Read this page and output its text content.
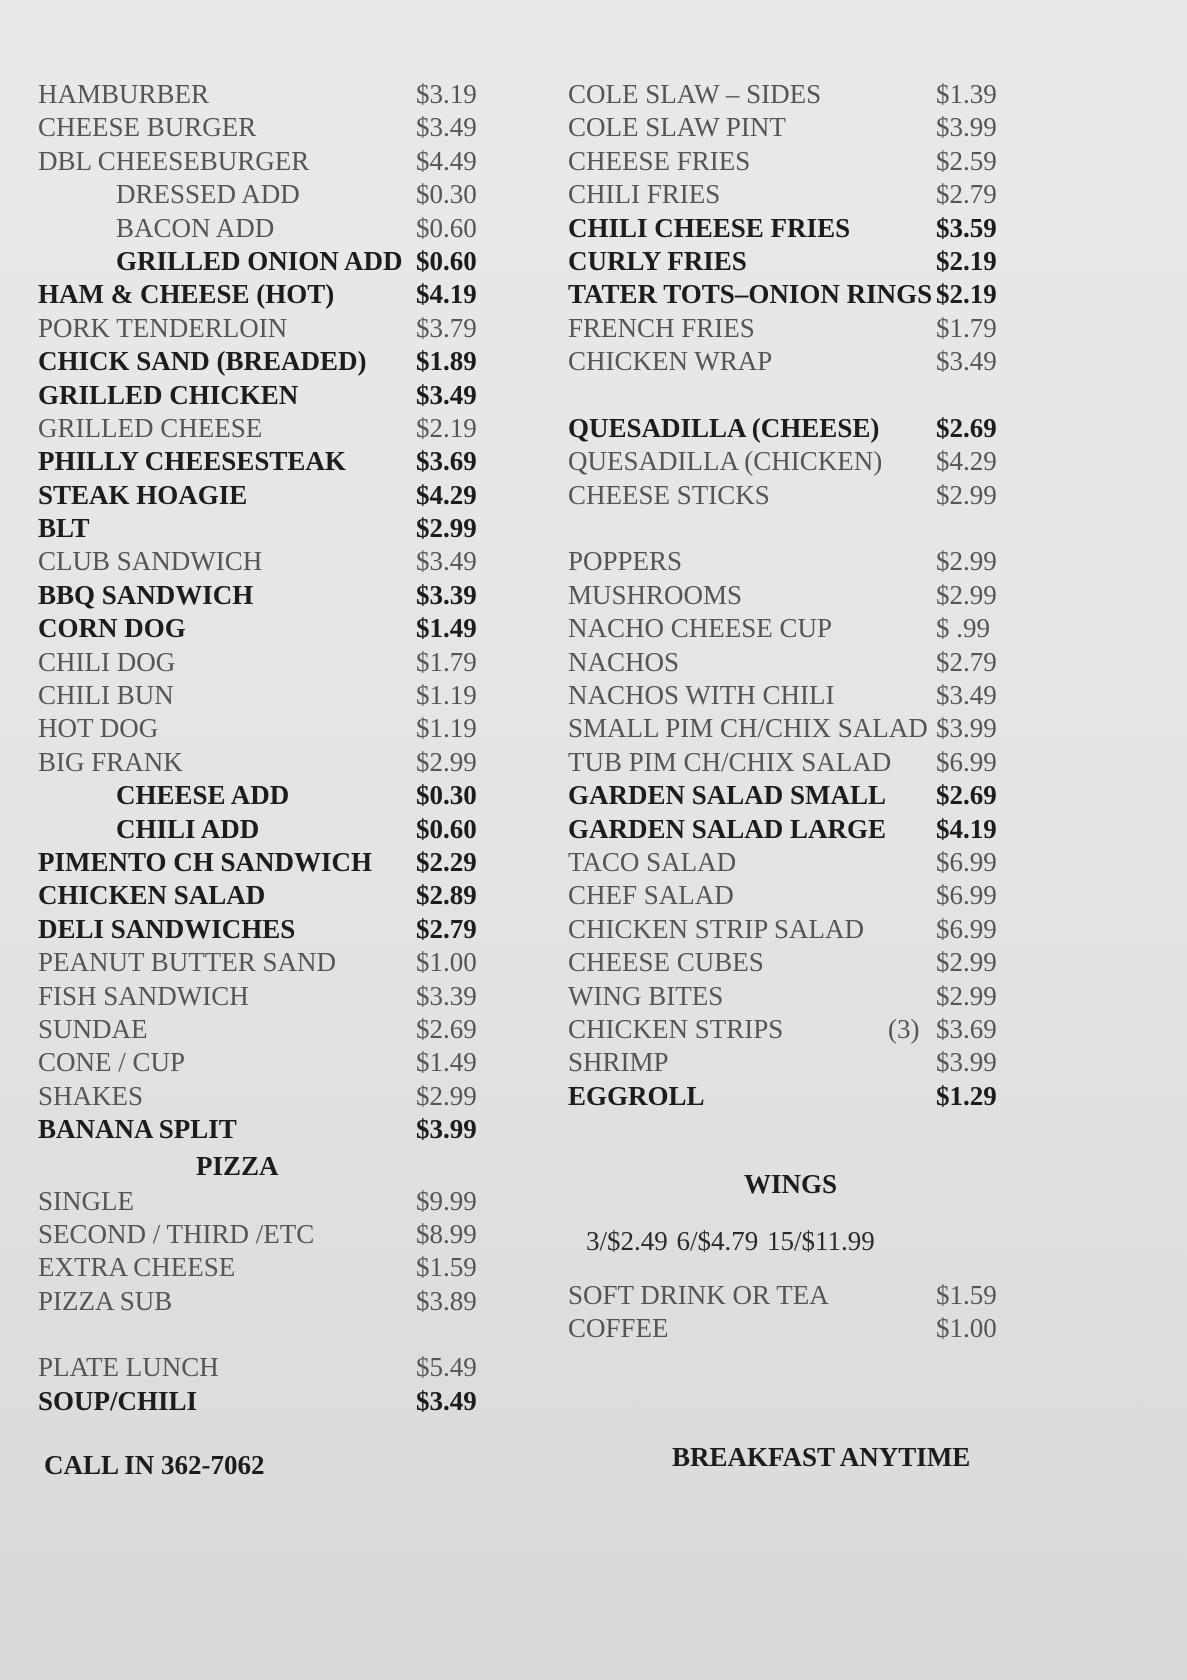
HAMBURBER	$3.19
CHEESE BURGER	$3.49
DBL CHEESEBURGER	$4.49
DRESSED ADD	$0.30
BACON ADD	$0.60
GRILLED ONION ADD $0.60
HAM & CHEESE (HOT)	$4.19
PORK TENDERLOIN	$3.79
CHICK SAND (BREADED) $1.89
GRILLED CHICKEN	$3.49
GRILLED CHEESE	$2.19
PHILLY CHEESESTEAK	$3.69
STEAK HOAGIE	$4.29
BLT	$2.99
CLUB SANDWICH	$3.49
BBQ SANDWICH	$3.39
CORN DOG	$1.49
CHILI DOG	$1.79
CHILI BUN	$1.19
HOT DOG	$1.19
BIG FRANK	$2.99
CHEESE ADD	$0.30
CHILI ADD	$0.60
PIMENTO CH SANDWICH $2.29
CHICKEN SALAD	$2.89
DELI SANDWICHES	$2.79
PEANUT BUTTER SAND	$1.00
FISH SANDWICH	$3.39
SUNDAE	$2.69
CONE / CUP	$1.49
SHAKES	$2.99
BANANA SPLIT	$3.99
PIZZA
SINGLE	$9.99
SECOND / THIRD /ETC	$8.99
EXTRA CHEESE	$1.59
PIZZA SUB	$3.89
PLATE LUNCH	$5.49
SOUP/CHILI	$3.49
COLE SLAW – SIDES	$1.39
COLE SLAW PINT	$3.99
CHEESE FRIES	$2.59
CHILI FRIES	$2.79
CHILI CHEESE FRIES	$3.59
CURLY FRIES	$2.19
TATER TOTS–ONION RINGS $2.19
FRENCH FRIES	$1.79
CHICKEN WRAP	$3.49
QUESADILLA (CHEESE) $2.69
QUESADILLA (CHICKEN) $4.29
CHEESE STICKS	$2.99
POPPERS	$2.99
MUSHROOMS	$2.99
NACHO CHEESE CUP	$ .99
NACHOS	$2.79
NACHOS WITH CHILI	$3.49
SMALL PIM CH/CHIX SALAD $3.99
TUB PIM CH/CHIX SALAD $6.99
GARDEN SALAD SMALL $2.69
GARDEN SALAD LARGE $4.19
TACO SALAD	$6.99
CHEF SALAD	$6.99
CHICKEN STRIP SALAD	$6.99
CHEESE CUBES	$2.99
WING BITES	$2.99
CHICKEN STRIPS	(3) $3.69
SHRIMP	$3.99
EGGROLL	$1.29
WINGS
3/$2.49 6/$4.79 15/$11.99
SOFT DRINK OR TEA	$1.59
COFFEE	$1.00
CALL IN 362-7062	BREAKFAST ANYTIME
